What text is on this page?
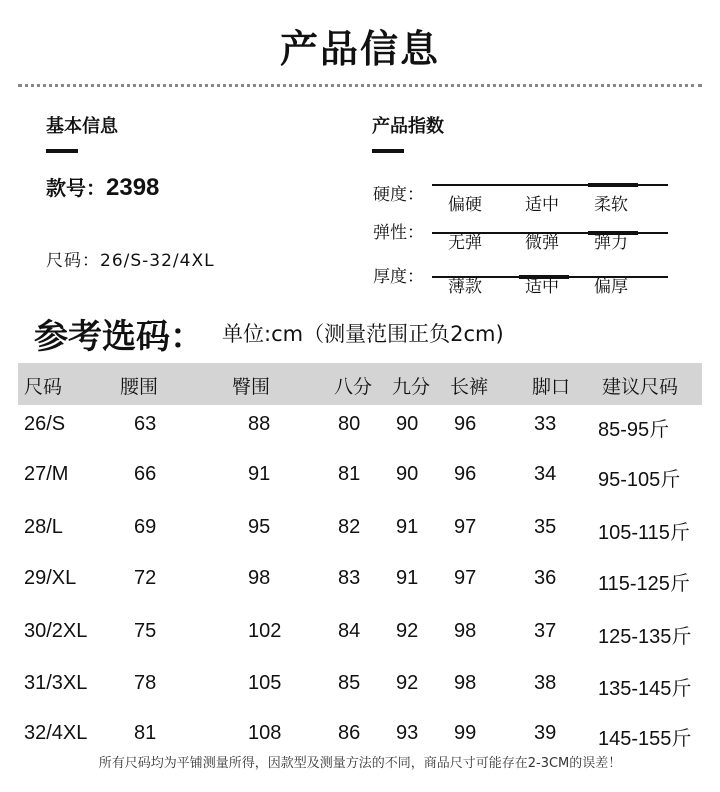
产品信息
基本信息
款号：2398
尺码：26/S-32/4XL
产品指数
硬度： 偏硬	适中 柔软
弹性： 无弹	微弹 弹力
厚度： 薄款	适中 偏厚
参考选码： 单位:cm（测量范围正负2cm)
尺码	腰围	臀围	八分 九分 长裤 脚口 建议尺码
26/S	63	88	80 90 96	33 85-95斤
27/M	66	91	81 90 96	34 95-105斤
28/L	69	95	82 91 97	35 105-115斤
29/XL	72	98	83 91 97	36 115-125斤
30/2XL 75	102	84 92 98	37 125-135斤
31/3XL 78	105	85 92 98	38 135-145斤
32/4XL 81	108	86 93 99	39 145-155斤
所有尺码均为平铺测量所得，因款型及测量方法的不同，商品尺寸可能存在2-3CM的误差！
